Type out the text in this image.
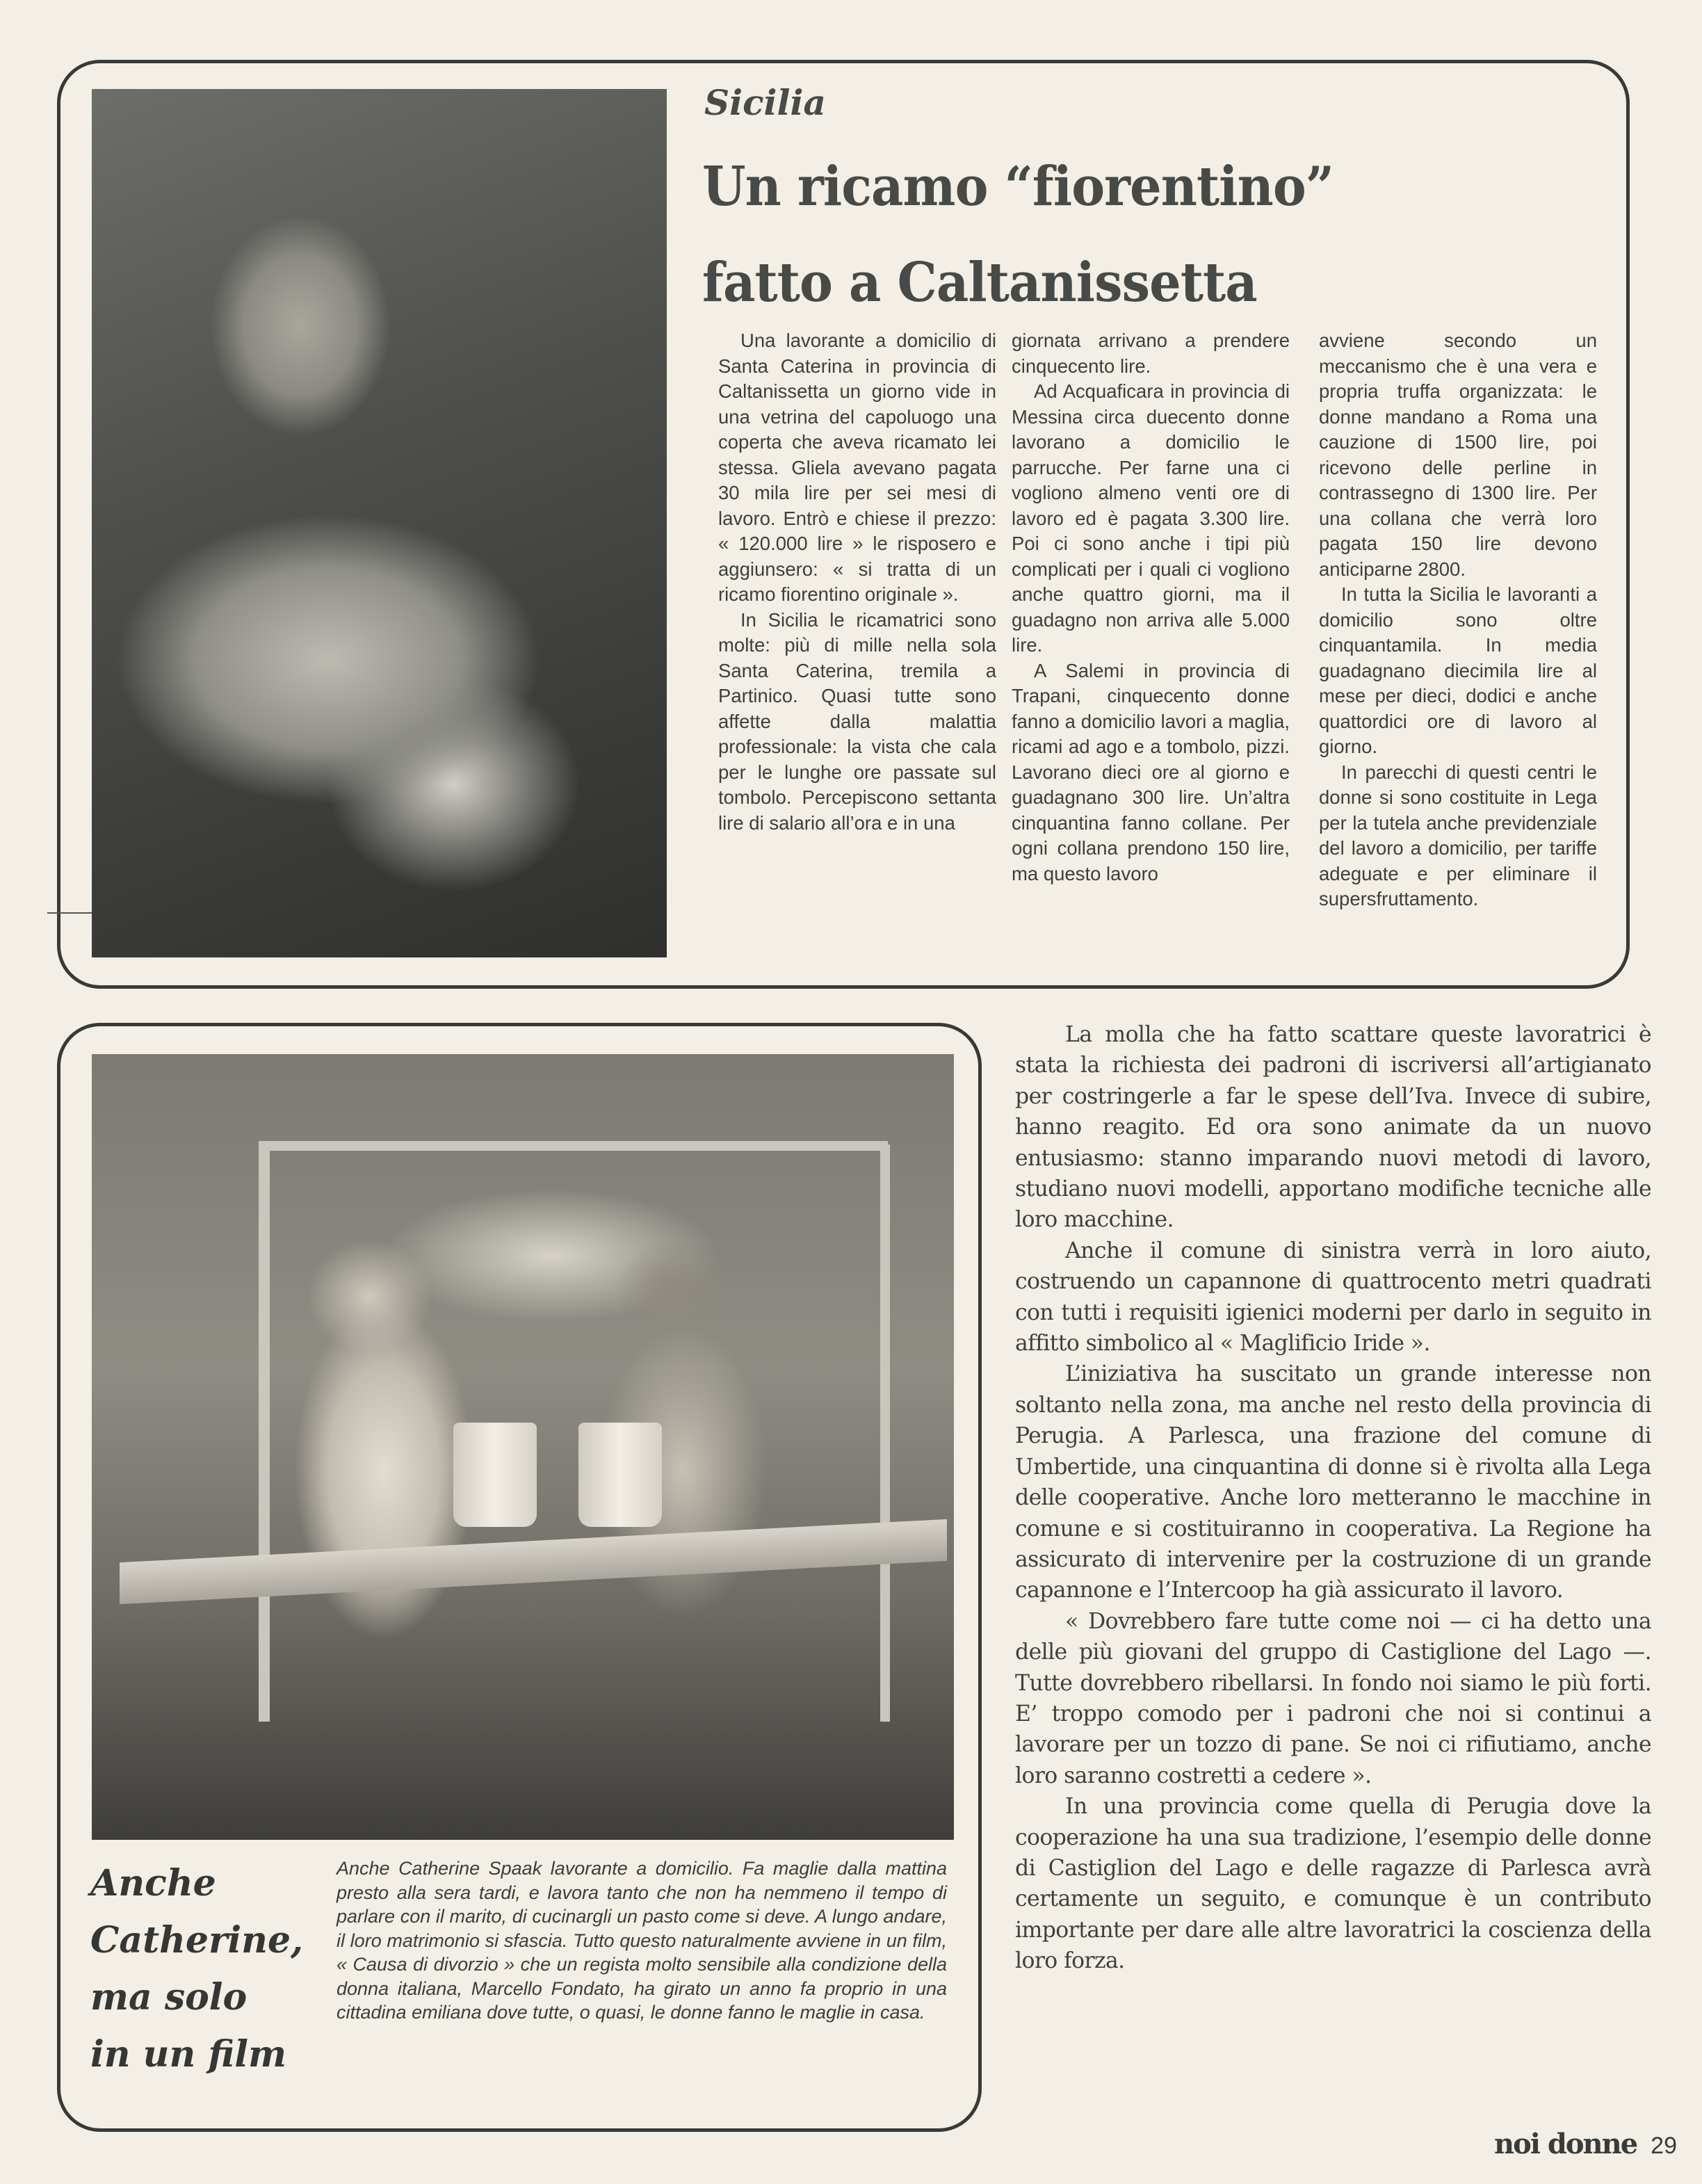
Sicilia
Un ricamo “fiorentino”
fatto a Caltanissetta

Una lavorante a domicilio di Santa Caterina in provincia di Caltanissetta un giorno vide in una vetrina del capoluogo una coperta che aveva ricamato lei stessa. Gliela avevano pagata 30 mila lire per sei mesi di lavoro. Entrò e chiese il prezzo: « 120.000 lire » le risposero e aggiunsero: « si tratta di un ricamo fiorentino originale ».

In Sicilia le ricamatrici sono molte: più di mille nella sola Santa Caterina, tremila a Partinico. Quasi tutte sono affette dalla malattia professionale: la vista che cala per le lunghe ore passate sul tombolo. Percepiscono settanta lire di salario all’ora e in una

giornata arrivano a prendere cinquecento lire.

Ad Acquaficara in provincia di Messina circa duecento donne lavorano a domicilio le parrucche. Per farne una ci vogliono almeno venti ore di lavoro ed è pagata 3.300 lire. Poi ci sono anche i tipi più complicati per i quali ci vogliono anche quattro giorni, ma il guadagno non arriva alle 5.000 lire.

A Salemi in provincia di Trapani, cinquecento donne fanno a domicilio lavori a maglia, ricami ad ago e a tombolo, pizzi. Lavorano dieci ore al giorno e guadagnano 300 lire. Un’altra cinquantina fanno collane. Per ogni collana prendono 150 lire, ma questo lavoro

avviene secondo un meccanismo che è una vera e propria truffa organizzata: le donne mandano a Roma una cauzione di 1500 lire, poi ricevono delle perline in contrassegno di 1300 lire. Per una collana che verrà loro pagata 150 lire devono anticiparne 2800.

In tutta la Sicilia le lavoranti a domicilio sono oltre cinquantamila. In media guadagnano diecimila lire al mese per dieci, dodici e anche quattordici ore di lavoro al giorno.

In parecchi di questi centri le donne si sono costituite in Lega per la tutela anche previdenziale del lavoro a domicilio, per tariffe adeguate e per eliminare il supersfruttamento.

Anche
Catherine,
ma solo
in un film

Anche Catherine Spaak lavorante a domicilio. Fa maglie dalla mattina presto alla sera tardi, e lavora tanto che non ha nemmeno il tempo di parlare con il marito, di cucinargli un pasto come si deve. A lungo andare, il loro matrimonio si sfascia. Tutto questo naturalmente avviene in un film, « Causa di divorzio » che un regista molto sensibile alla condizione della donna italiana, Marcello Fondato, ha girato un anno fa proprio in una cittadina emiliana dove tutte, o quasi, le donne fanno le maglie in casa.

La molla che ha fatto scattare queste lavoratrici è stata la richiesta dei padroni di iscriversi all’artigianato per costringerle a far le spese dell’Iva. Invece di subire, hanno reagito. Ed ora sono animate da un nuovo entusiasmo: stanno imparando nuovi metodi di lavoro, studiano nuovi modelli, apportano modifiche tecniche alle loro macchine.

Anche il comune di sinistra verrà in loro aiuto, costruendo un capannone di quattrocento metri quadrati con tutti i requisiti igienici moderni per darlo in seguito in affitto simbolico al « Maglificio Iride ».

L’iniziativa ha suscitato un grande interesse non soltanto nella zona, ma anche nel resto della provincia di Perugia. A Parlesca, una frazione del comune di Umbertide, una cinquantina di donne si è rivolta alla Lega delle cooperative. Anche loro metteranno le macchine in comune e si costituiranno in cooperativa. La Regione ha assicurato di intervenire per la costruzione di un grande capannone e l’Intercoop ha già assicurato il lavoro.

« Dovrebbero fare tutte come noi — ci ha detto una delle più giovani del gruppo di Castiglione del Lago —. Tutte dovrebbero ribellarsi. In fondo noi siamo le più forti. E’ troppo comodo per i padroni che noi si continui a lavorare per un tozzo di pane. Se noi ci rifiutiamo, anche loro saranno costretti a cedere ».

In una provincia come quella di Perugia dove la cooperazione ha una sua tradizione, l’esempio delle donne di Castiglion del Lago e delle ragazze di Parlesca avrà certamente un seguito, e comunque è un contributo importante per dare alle altre lavoratrici la coscienza della loro forza.

noi donne 29
